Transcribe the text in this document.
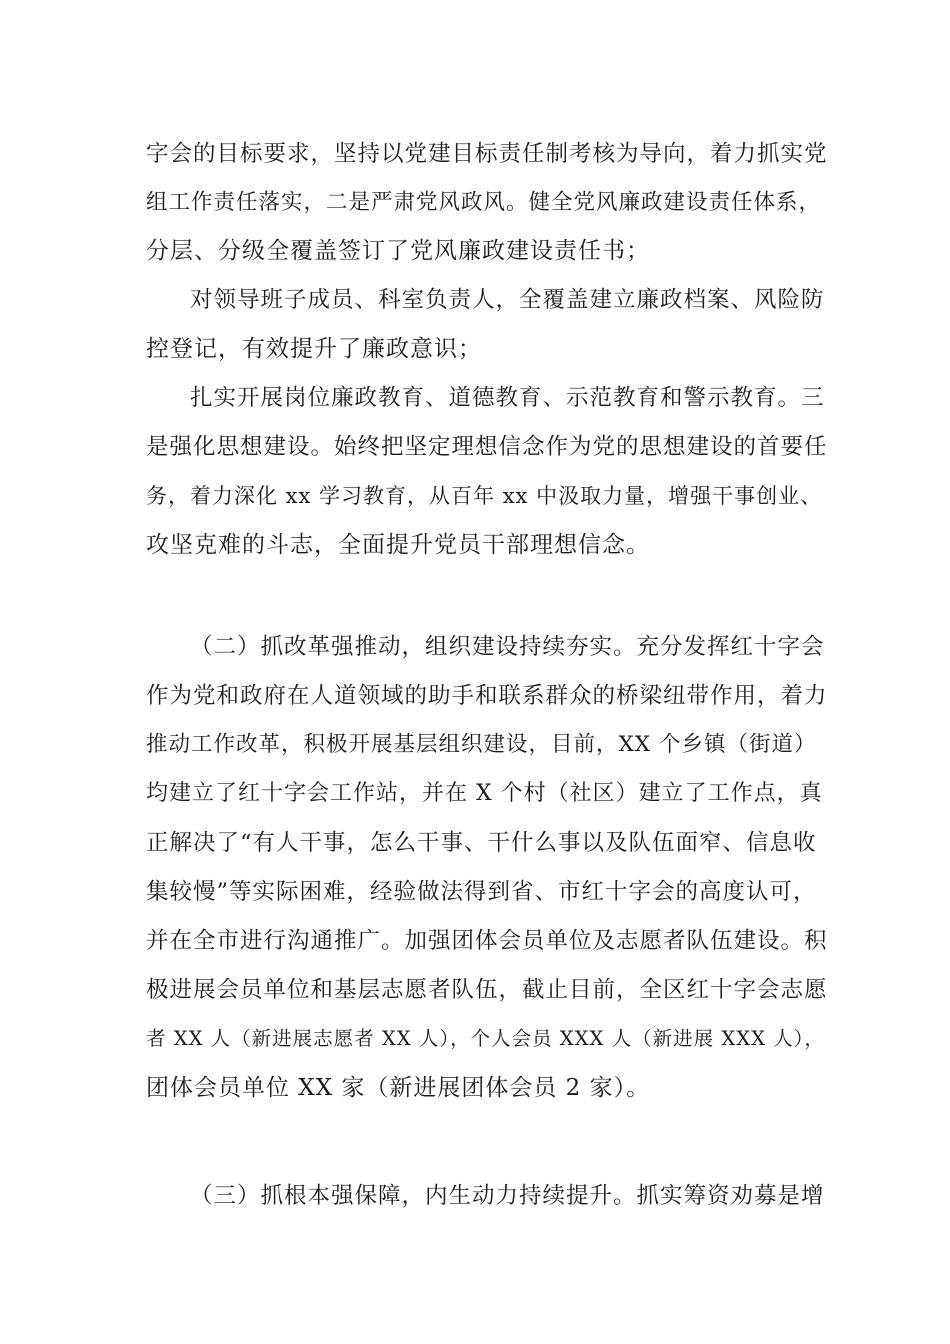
字会的目标要求，坚持以党建目标责任制考核为导向，着力抓实党
组工作责任落实，二是严肃党风政风。健全党风廉政建设责任体系，
分层、分级全覆盖签订了党风廉政建设责任书；
对领导班子成员、科室负责人，全覆盖建立廉政档案、风险防
控登记，有效提升了廉政意识；
扎实开展岗位廉政教育、道德教育、示范教育和警示教育。三
是强化思想建设。始终把坚定理想信念作为党的思想建设的首要任
务，着力深化 xx 学习教育，从百年 xx 中汲取力量，增强干事创业、
攻坚克难的斗志，全面提升党员干部理想信念。
（二）抓改革强推动，组织建设持续夯实。充分发挥红十字会
作为党和政府在人道领域的助手和联系群众的桥梁纽带作用，着力
推动工作改革，积极开展基层组织建设，目前，XX 个乡镇（街道）
均建立了红十字会工作站，并在 X 个村（社区）建立了工作点，真
正解决了“有人干事，怎么干事、干什么事以及队伍面窄、信息收
集较慢”等实际困难，经验做法得到省、市红十字会的高度认可，
并在全市进行沟通推广。加强团体会员单位及志愿者队伍建设。积
极进展会员单位和基层志愿者队伍，截止目前，全区红十字会志愿
者 XX 人（新进展志愿者 XX 人），个人会员 XXX 人（新进展 XXX 人），
团体会员单位 XX 家（新进展团体会员 2 家）。
（三）抓根本强保障，内生动力持续提升。抓实筹资劝募是增
